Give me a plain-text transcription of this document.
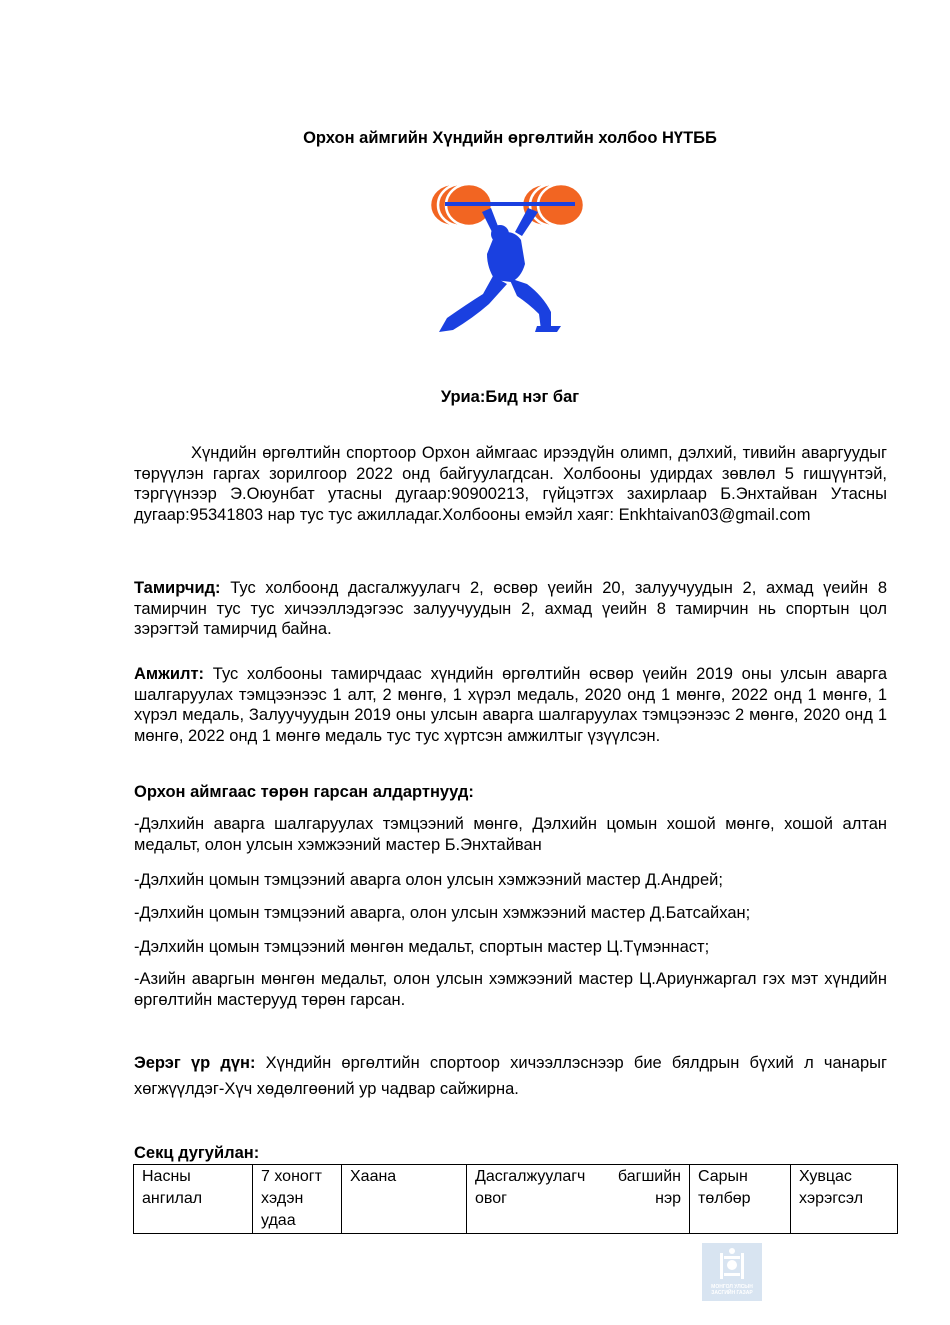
Орхон аймгийн Хүндийн өргөлтийн холбоо НҮТББ
Уриа:Бид нэг баг

Хүндийн өргөлтийн спортоор Орхон аймгаас ирээдүйн олимп, дэлхий, тивийн аваргуудыг төрүүлэн гаргах зорилгоор 2022 онд байгуулагдсан. Холбооны удирдах зөвлөл 5 гишүүнтэй, тэргүүнээр Э.Оюунбат утасны дугаар:90900213, гүйцэтгэх захирлаар Б.Энхтайван Утасны дугаар:95341803 нар тус тус ажилладаг.Холбооны емэйл хаяг: Enkhtaivan03@gmail.com

Тамирчид: Тус холбоонд дасгалжуулагч 2, өсвөр үеийн 20, залуучуудын 2, ахмад үеийн 8 тамирчин тус тус хичээллэдэгээс залуучуудын 2, ахмад үеийн 8 тамирчин нь спортын цол зэрэгтэй тамирчид байна.

Амжилт: Тус холбооны тамирчдаас хүндийн өргөлтийн өсвөр үеийн 2019 оны улсын аварга шалгаруулах тэмцээнээс 1 алт, 2 мөнгө, 1 хүрэл медаль, 2020 онд 1 мөнгө, 2022 онд 1 мөнгө, 1 хүрэл медаль, Залуучуудын 2019 оны улсын аварга шалгаруулах тэмцээнээс 2 мөнгө, 2020 онд 1 мөнгө, 2022 онд 1 мөнгө медаль тус тус хүртсэн амжилтыг үзүүлсэн.

Орхон аймгаас төрөн гарсан алдартнууд:

-Дэлхийн аварга шалгаруулах тэмцээний мөнгө, Дэлхийн цомын хошой мөнгө, хошой алтан медальт, олон улсын хэмжээний мастер Б.Энхтайван

-Дэлхийн цомын тэмцээний аварга олон улсын хэмжээний мастер Д.Андрей;

-Дэлхийн цомын тэмцээний аварга, олон улсын хэмжээний мастер Д.Батсайхан;

-Дэлхийн цомын тэмцээний мөнгөн медальт, спортын мастер Ц.Түмэннаст;

-Азийн аваргын мөнгөн медальт, олон улсын хэмжээний мастер Ц.Ариунжаргал гэх мэт хүндийн өргөлтийн мастерууд төрөн гарсан.

Эерэг үр дүн: Хүндийн өргөлтийн спортоор хичээллэснээр бие бялдрын бүхий л чанарыг хөгжүүлдэг-Хүч хөдөлгөөний ур чадвар сайжирна.

Секц дугуйлан:
Насны ангилал	7 хоногт хэдэн удаа	Хаана	Дасгалжуулагч багшийн овог нэр	Сарын төлбөр	Хувцас хэрэгсэл
МОНГОЛ УЛСЫН ЗАСГИЙН ГАЗАР
